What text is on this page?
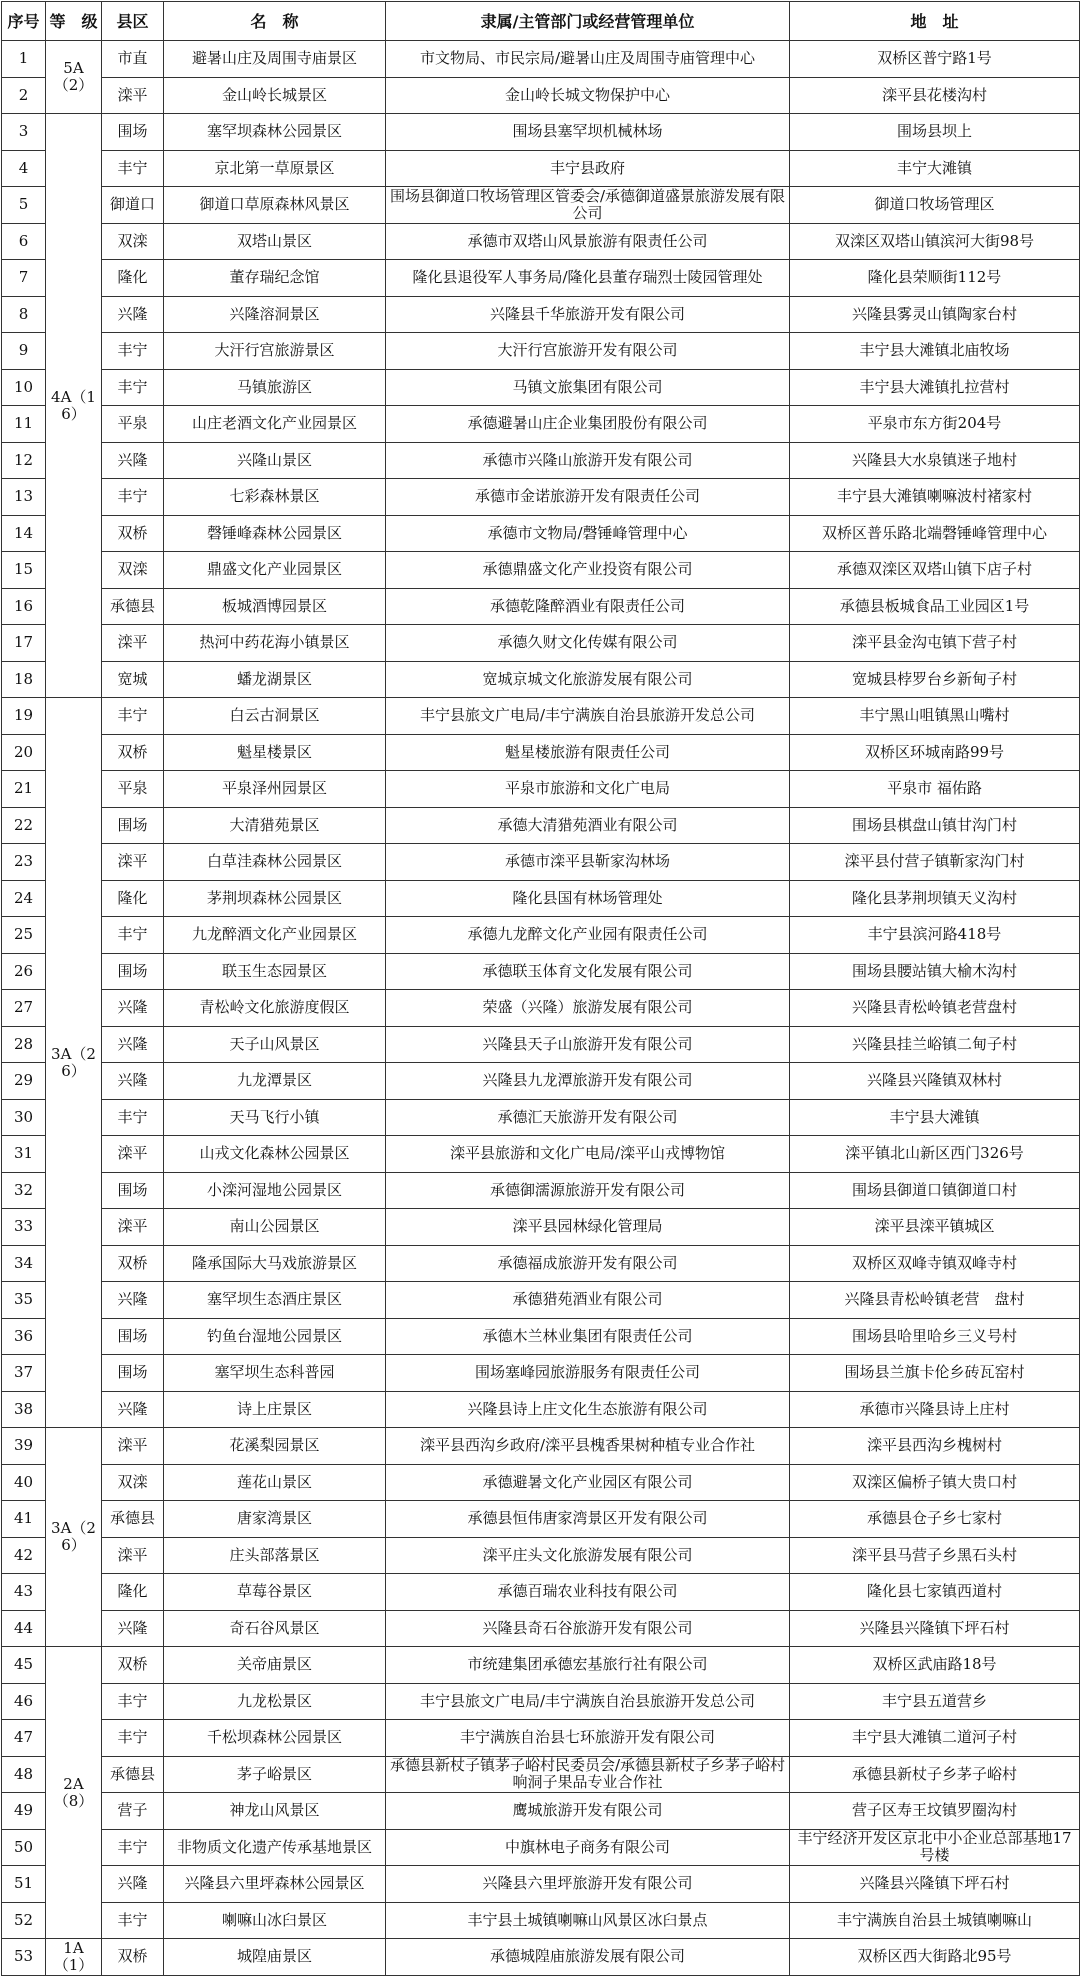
序号	等　级	县区	名　称	隶属/主管部门或经营管理单位	地　址
1	5A（2）	市直	避暑山庄及周围寺庙景区	市文物局、市民宗局/避暑山庄及周围寺庙管理中心	双桥区普宁路1号
2		滦平	金山岭长城景区	金山岭长城文物保护中心	滦平县花楼沟村
3	4A（16）	围场	塞罕坝森林公园景区	围场县塞罕坝机械林场	围场县坝上
4		丰宁	京北第一草原景区	丰宁县政府	丰宁大滩镇
5		御道口	御道口草原森林风景区	围场县御道口牧场管理区管委会/承德御道盛景旅游发展有限公司	御道口牧场管理区
6		双滦	双塔山景区	承德市双塔山风景旅游有限责任公司	双滦区双塔山镇滨河大街98号
7		隆化	董存瑞纪念馆	隆化县退役军人事务局/隆化县董存瑞烈士陵园管理处	隆化县荣顺街112号
8		兴隆	兴隆溶洞景区	兴隆县千华旅游开发有限公司	兴隆县雾灵山镇陶家台村
9		丰宁	大汗行宫旅游景区	大汗行宫旅游开发有限公司	丰宁县大滩镇北庙牧场
10		丰宁	马镇旅游区	马镇文旅集团有限公司	丰宁县大滩镇扎拉营村
11		平泉	山庄老酒文化产业园景区	承德避暑山庄企业集团股份有限公司	平泉市东方街204号
12		兴隆	兴隆山景区	承德市兴隆山旅游开发有限公司	兴隆县大水泉镇迷子地村
13		丰宁	七彩森林景区	承德市金诺旅游开发有限责任公司	丰宁县大滩镇喇嘛波村褚家村
14		双桥	磬锤峰森林公园景区	承德市文物局/磬锤峰管理中心	双桥区普乐路北端磬锤峰管理中心
15		双滦	鼎盛文化产业园景区	承德鼎盛文化产业投资有限公司	承德双滦区双塔山镇下店子村
16		承德县	板城酒博园景区	承德乾隆醉酒业有限责任公司	承德县板城食品工业园区1号
17		滦平	热河中药花海小镇景区	承德久财文化传媒有限公司	滦平县金沟屯镇下营子村
18		宽城	蟠龙湖景区	宽城京城文化旅游发展有限公司	宽城县桲罗台乡新甸子村
19	3A（26）	丰宁	白云古洞景区	丰宁县旅文广电局/丰宁满族自治县旅游开发总公司	丰宁黑山咀镇黑山嘴村
20		双桥	魁星楼景区	魁星楼旅游有限责任公司	双桥区环城南路99号
21		平泉	平泉泽州园景区	平泉市旅游和文化广电局	平泉市 福佑路
22		围场	大清猎苑景区	承德大清猎苑酒业有限公司	围场县棋盘山镇甘沟门村
23		滦平	白草洼森林公园景区	承德市滦平县靳家沟林场	滦平县付营子镇靳家沟门村
24		隆化	茅荆坝森林公园景区	隆化县国有林场管理处	隆化县茅荆坝镇天义沟村
25		丰宁	九龙醉酒文化产业园景区	承德九龙醉文化产业园有限责任公司	丰宁县滨河路418号
26		围场	联玉生态园景区	承德联玉体育文化发展有限公司	围场县腰站镇大榆木沟村
27		兴隆	青松岭文化旅游度假区	荣盛（兴隆）旅游发展有限公司	兴隆县青松岭镇老营盘村
28		兴隆	天子山风景区	兴隆县天子山旅游开发有限公司	兴隆县挂兰峪镇二甸子村
29		兴隆	九龙潭景区	兴隆县九龙潭旅游开发有限公司	兴隆县兴隆镇双林村
30		丰宁	天马飞行小镇	承德汇天旅游开发有限公司	丰宁县大滩镇
31		滦平	山戎文化森林公园景区	滦平县旅游和文化广电局/滦平山戎博物馆	滦平镇北山新区西门326号
32		围场	小滦河湿地公园景区	承德御濡源旅游开发有限公司	围场县御道口镇御道口村
33		滦平	南山公园景区	滦平县园林绿化管理局	滦平县滦平镇城区
34		双桥	隆承国际大马戏旅游景区	承德福成旅游开发有限公司	双桥区双峰寺镇双峰寺村
35		兴隆	塞罕坝生态酒庄景区	承德猎苑酒业有限公司	兴隆县青松岭镇老营　盘村
36		围场	钓鱼台湿地公园景区	承德木兰林业集团有限责任公司	围场县哈里哈乡三义号村
37		围场	塞罕坝生态科普园	围场塞峰园旅游服务有限责任公司	围场县兰旗卡伦乡砖瓦窑村
38		兴隆	诗上庄景区	兴隆县诗上庄文化生态旅游有限公司	承德市兴隆县诗上庄村
39	3A（26）	滦平	花溪梨园景区	滦平县西沟乡政府/滦平县槐香果树种植专业合作社	滦平县西沟乡槐树村
40		双滦	莲花山景区	承德避暑文化产业园区有限公司	双滦区偏桥子镇大贵口村
41		承德县	唐家湾景区	承德县恒伟唐家湾景区开发有限公司	承德县仓子乡七家村
42		滦平	庄头部落景区	滦平庄头文化旅游发展有限公司	滦平县马营子乡黑石头村
43		隆化	草莓谷景区	承德百瑞农业科技有限公司	隆化县七家镇西道村
44		兴隆	奇石谷风景区	兴隆县奇石谷旅游开发有限公司	兴隆县兴隆镇下坪石村
45	2A（8）	双桥	关帝庙景区	市统建集团承德宏基旅行社有限公司	双桥区武庙路18号
46		丰宁	九龙松景区	丰宁县旅文广电局/丰宁满族自治县旅游开发总公司	丰宁县五道营乡
47		丰宁	千松坝森林公园景区	丰宁满族自治县七环旅游开发有限公司	丰宁县大滩镇二道河子村
48		承德县	茅子峪景区	承德县新杖子镇茅子峪村民委员会/承德县新杖子乡茅子峪村响洞子果品专业合作社	承德县新杖子乡茅子峪村
49		营子	神龙山风景区	鹰城旅游开发有限公司	营子区寿王坟镇罗圈沟村
50		丰宁	非物质文化遗产传承基地景区	中旗林电子商务有限公司	丰宁经济开发区京北中小企业总部基地17号楼
51		兴隆	兴隆县六里坪森林公园景区	兴隆县六里坪旅游开发有限公司	兴隆县兴隆镇下坪石村
52		丰宁	喇嘛山冰臼景区	丰宁县土城镇喇嘛山风景区冰臼景点	丰宁满族自治县土城镇喇嘛山
53	1A（1）	双桥	城隍庙景区	承德城隍庙旅游发展有限公司	双桥区西大街路北95号
